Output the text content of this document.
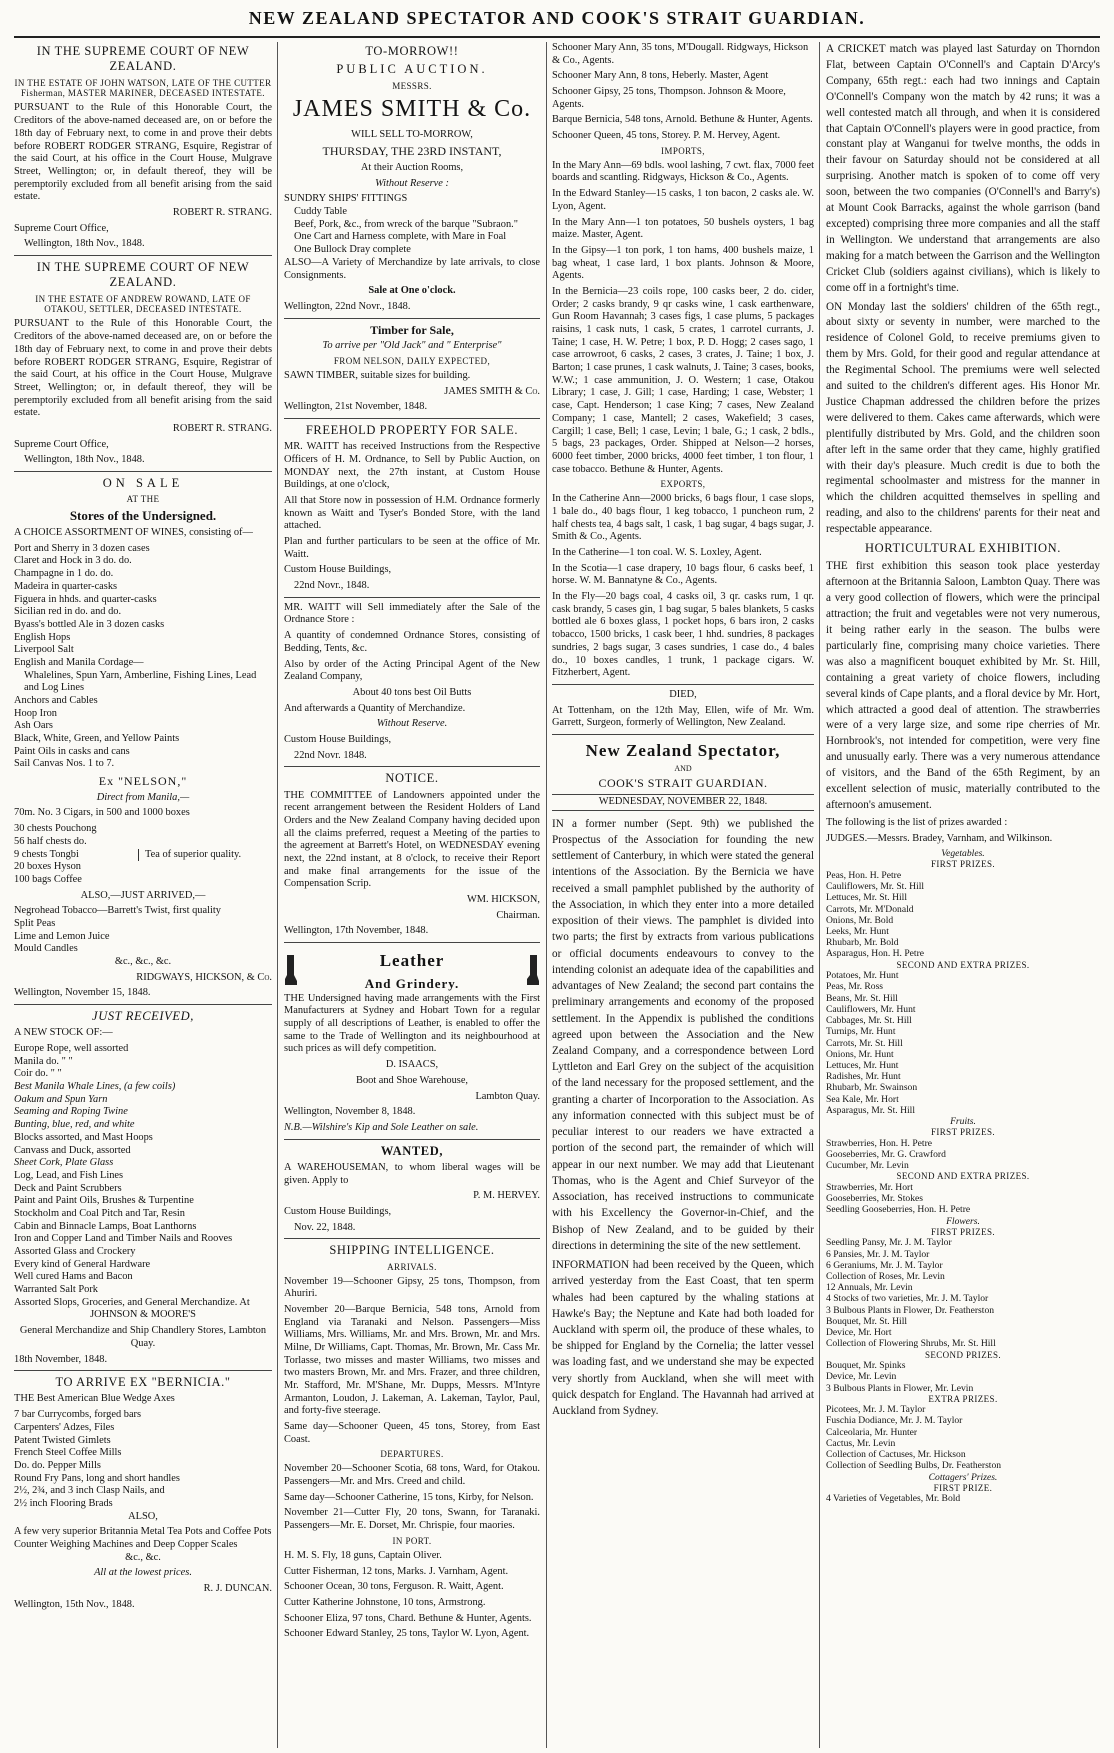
NEW ZEALAND SPECTATOR AND COOK'S STRAIT GUARDIAN.
IN THE SUPREME COURT OF NEW ZEALAND.

IN THE ESTATE OF JOHN WATSON, LATE OF THE CUTTER Fisherman, MASTER MARINER, DECEASED INTESTATE.

PURSUANT to the Rule of this Honorable Court, the Creditors of the above-named deceased are, on or before the 18th day of February next, to come in and prove their debts before ROBERT RODGER STRANG, Esquire, Registrar of the said Court, at his office in the Court House, Mulgrave Street, Wellington; or, in default thereof, they will be peremptorily excluded from all benefit arising from the said estate.

ROBERT R. STRANG.

Supreme Court Office,

Wellington, 18th Nov., 1848.

IN THE SUPREME COURT OF NEW ZEALAND.

IN THE ESTATE OF ANDREW ROWAND, LATE OF OTAKOU, SETTLER, DECEASED INTESTATE.

PURSUANT to the Rule of this Honorable Court, the Creditors of the above-named deceased are, on or before the 18th day of February next, to come in and prove their debts before ROBERT RODGER STRANG, Esquire, Registrar of the said Court, at his office in the Court House, Mulgrave Street, Wellington; or, in default thereof, they will be peremptorily excluded from all benefit arising from the said estate.

ROBERT R. STRANG.

Supreme Court Office,

Wellington, 18th Nov., 1848.

ON SALE

AT THE

Stores of the Undersigned.

A CHOICE ASSORTMENT OF WINES, consisting of—

Port and Sherry in 3 dozen cases
Claret and Hock in 3 do. do.
Champagne in 1 do. do.
Madeira in quarter-casks
Figuera in hhds. and quarter-casks
Sicilian red in do. and do.
Byass's bottled Ale in 3 dozen casks
English Hops
Liverpool Salt
English and Manila Cordage—
Whalelines, Spun Yarn, Amberline, Fishing Lines, Lead and Log Lines
Anchors and Cables
Hoop Iron
Ash Oars
Black, White, Green, and Yellow Paints
Paint Oils in casks and cans
Sail Canvas Nos. 1 to 7.

Ex "NELSON,"

Direct from Manila,—

70m. No. 3 Cigars, in 500 and 1000 boxes

30 chests Pouchong
56 half chests do.
9 chests Tongbi
20 boxes Hyson
100 bags Coffee
Tea of superior quality.

ALSO,—JUST ARRIVED,—

Negrohead Tobacco—Barrett's Twist, first quality
Split Peas
Lime and Lemon Juice
Mould Candles

&c., &c., &c.

RIDGWAYS, HICKSON, & Co.

Wellington, November 15, 1848.

JUST RECEIVED,

A NEW STOCK OF:—

Europe Rope, well assorted
Manila do. " "
Coir do. " "
Best Manila Whale Lines, (a few coils)
Oakum and Spun Yarn
Seaming and Roping Twine
Bunting, blue, red, and white
Blocks assorted, and Mast Hoops
Canvass and Duck, assorted
Sheet Cork, Plate Glass
Log, Lead, and Fish Lines
Deck and Paint Scrubbers
Paint and Paint Oils, Brushes & Turpentine
Stockholm and Coal Pitch and Tar, Resin
Cabin and Binnacle Lamps, Boat Lanthorns
Iron and Copper Land and Timber Nails and Rooves
Assorted Glass and Crockery
Every kind of General Hardware
Well cured Hams and Bacon
Warranted Salt Pork
Assorted Slops, Groceries, and General Merchandize. At

JOHNSON & MOORE'S

General Merchandize and Ship Chandlery Stores, Lambton Quay.

18th November, 1848.

TO ARRIVE EX "BERNICIA."

THE Best American Blue Wedge Axes

7 bar Currycombs, forged bars
Carpenters' Adzes, Files
Patent Twisted Gimlets
French Steel Coffee Mills
Do. do. Pepper Mills
Round Fry Pans, long and short handles
2½, 2¾, and 3 inch Clasp Nails, and
2½ inch Flooring Brads

ALSO,

A few very superior Britannia Metal Tea Pots and Coffee Pots
Counter Weighing Machines and Deep Copper Scales

&c., &c.

All at the lowest prices.

R. J. DUNCAN.

Wellington, 15th Nov., 1848.

TO-MORROW!!
PUBLIC AUCTION.

MESSRS.

JAMES SMITH & Co.

WILL SELL TO-MORROW,

THURSDAY, THE 23RD INSTANT,

At their Auction Rooms,

Without Reserve :

SUNDRY SHIPS' FITTINGS
Cuddy Table
Beef, Pork, &c., from wreck of the barque "Subraon."
One Cart and Harness complete, with Mare in Foal
One Bullock Dray complete

ALSO—A Variety of Merchandize by late arrivals, to close Consignments.

Sale at One o'clock.

Wellington, 22nd Novr., 1848.

Timber for Sale,

To arrive per "Old Jack" and " Enterprise"

FROM NELSON, DAILY EXPECTED,

SAWN TIMBER, suitable sizes for building.

JAMES SMITH & Co.

Wellington, 21st November, 1848.

FREEHOLD PROPERTY FOR SALE.

MR. WAITT has received Instructions from the Respective Officers of H. M. Ordnance, to Sell by Public Auction, on MONDAY next, the 27th instant, at Custom House Buildings, at one o'clock,

All that Store now in possession of H.M. Ordnance formerly known as Waitt and Tyser's Bonded Store, with the land attached.

Plan and further particulars to be seen at the office of Mr. Waitt.

Custom House Buildings,

22nd Novr., 1848.

MR. WAITT will Sell immediately after the Sale of the Ordnance Store :

A quantity of condemned Ordnance Stores, consisting of Bedding, Tents, &c.

Also by order of the Acting Principal Agent of the New Zealand Company,

About 40 tons best Oil Butts

And afterwards a Quantity of Merchandize.

Without Reserve.

Custom House Buildings,

22nd Novr. 1848.

NOTICE.

THE COMMITTEE of Landowners appointed under the recent arrangement between the Resident Holders of Land Orders and the New Zealand Company having decided upon all the claims preferred, request a Meeting of the parties to the agreement at Barrett's Hotel, on WEDNESDAY evening next, the 22nd instant, at 8 o'clock, to receive their Report and make final arrangements for the issue of the Compensation Scrip.

WM. HICKSON,

Chairman.

Wellington, 17th November, 1848.

Leather
And Grindery.

THE Undersigned having made arrangements with the First Manufacturers at Sydney and Hobart Town for a regular supply of all descriptions of Leather, is enabled to offer the same to the Trade of Wellington and its neighbourhood at such prices as will defy competition.

D. ISAACS,

Boot and Shoe Warehouse,

Lambton Quay.

Wellington, November 8, 1848.

N.B.—Wilshire's Kip and Sole Leather on sale.

WANTED,

A WAREHOUSEMAN, to whom liberal wages will be given. Apply to

P. M. HERVEY.

Custom House Buildings,

Nov. 22, 1848.

SHIPPING INTELLIGENCE.

ARRIVALS.

November 19—Schooner Gipsy, 25 tons, Thompson, from Ahuriri.

November 20—Barque Bernicia, 548 tons, Arnold from England via Taranaki and Nelson. Passengers—Miss Williams, Mrs. Williams, Mr. and Mrs. Brown, Mr. and Mrs. Milne, Dr Williams, Capt. Thomas, Mr. Brown, Mr. Cass Mr. Torlasse, two misses and master Williams, two misses and two masters Brown, Mr. and Mrs. Frazer, and three children, Mr. Stafford, Mr. M'Shane, Mr. Dupps, Messrs. M'Intyre Armanton, Loudon, J. Lakeman, A. Lakeman, Taylor, Paul, and forty-five steerage.

Same day—Schooner Queen, 45 tons, Storey, from East Coast.

DEPARTURES.

November 20—Schooner Scotia, 68 tons, Ward, for Otakou. Passengers—Mr. and Mrs. Creed and child.

Same day—Schooner Catherine, 15 tons, Kirby, for Nelson.

November 21—Cutter Fly, 20 tons, Swann, for Taranaki. Passengers—Mr. E. Dorset, Mr. Chrispie, four maories.

IN PORT.

H. M. S. Fly, 18 guns, Captain Oliver.

Cutter Fisherman, 12 tons, Marks. J. Varnham, Agent.

Schooner Ocean, 30 tons, Ferguson. R. Waitt, Agent.

Cutter Katherine Johnstone, 10 tons, Armstrong.

Schooner Eliza, 97 tons, Chard. Bethune & Hunter, Agents.

Schooner Edward Stanley, 25 tons, Taylor W. Lyon, Agent.

Schooner Mary Ann, 35 tons, M'Dougall. Ridgways, Hickson & Co., Agents.

Schooner Mary Ann, 8 tons, Heberly. Master, Agent

Schooner Gipsy, 25 tons, Thompson. Johnson & Moore, Agents.

Barque Bernicia, 548 tons, Arnold. Bethune & Hunter, Agents.

Schooner Queen, 45 tons, Storey. P. M. Hervey, Agent.

IMPORTS,

In the Mary Ann—69 bdls. wool lashing, 7 cwt. flax, 7000 feet boards and scantling. Ridgways, Hickson & Co., Agents.

In the Edward Stanley—15 casks, 1 ton bacon, 2 casks ale. W. Lyon, Agent.

In the Mary Ann—1 ton potatoes, 50 bushels oysters, 1 bag maize. Master, Agent.

In the Gipsy—1 ton pork, 1 ton hams, 400 bushels maize, 1 bag wheat, 1 case lard, 1 box plants. Johnson & Moore, Agents.

In the Bernicia—23 coils rope, 100 casks beer, 2 do. cider, Order; 2 casks brandy, 9 qr casks wine, 1 cask earthenware, Gun Room Havannah; 3 cases figs, 1 case plums, 5 packages raisins, 1 cask nuts, 1 cask, 5 crates, 1 carrotel currants, J. Taine; 1 case, H. W. Petre; 1 box, P. D. Hogg; 2 cases sago, 1 case arrowroot, 6 casks, 2 cases, 3 crates, J. Taine; 1 box, J. Barton; 1 case prunes, 1 cask walnuts, J. Taine; 3 cases, books, W.W.; 1 case ammunition, J. O. Western; 1 case, Otakou Library; 1 case, J. Gill; 1 case, Harding; 1 case, Webster; 1 case, Capt. Henderson; 1 case King; 7 cases, New Zealand Company; 1 case, Mantell; 2 cases, Wakefield; 3 cases, Cargill; 1 case, Bell; 1 case, Levin; 1 bale, G.; 1 cask, 2 bdls., 5 bags, 23 packages, Order. Shipped at Nelson—2 horses, 6000 feet timber, 2000 bricks, 4000 feet timber, 1 ton flour, 1 case tobacco. Bethune & Hunter, Agents.

EXPORTS,

In the Catherine Ann—2000 bricks, 6 bags flour, 1 case slops, 1 bale do., 40 bags flour, 1 keg tobacco, 1 puncheon rum, 2 half chests tea, 4 bags salt, 1 cask, 1 bag sugar, 4 bags sugar, J. Smith & Co., Agents.

In the Catherine—1 ton coal. W. S. Loxley, Agent.

In the Scotia—1 case drapery, 10 bags flour, 6 casks beef, 1 horse. W. M. Bannatyne & Co., Agents.

In the Fly—20 bags coal, 4 casks oil, 3 qr. casks rum, 1 qr. cask brandy, 5 cases gin, 1 bag sugar, 5 bales blankets, 5 casks bottled ale 6 boxes glass, 1 pocket hops, 6 bars iron, 2 casks tobacco, 1500 bricks, 1 cask beer, 1 hhd. sundries, 8 packages sundries, 2 bags sugar, 3 cases sundries, 1 case do., 4 bales do., 10 boxes candles, 1 trunk, 1 package cigars. W. Fitzherbert, Agent.

DIED,

At Tottenham, on the 12th May, Ellen, wife of Mr. Wm. Garrett, Surgeon, formerly of Wellington, New Zealand.

New Zealand Spectator,

AND

COOK'S STRAIT GUARDIAN.

WEDNESDAY, NOVEMBER 22, 1848.

IN a former number (Sept. 9th) we published the Prospectus of the Association for founding the new settlement of Canterbury, in which were stated the general intentions of the Association. By the Bernicia we have received a small pamphlet published by the authority of the Association, in which they enter into a more detailed exposition of their views. The pamphlet is divided into two parts; the first by extracts from various publications or official documents endeavours to convey to the intending colonist an adequate idea of the capabilities and advantages of New Zealand; the second part contains the preliminary arrangements and economy of the proposed settlement. In the Appendix is published the conditions agreed upon between the Association and the New Zealand Company, and a correspondence between Lord Lyttleton and Earl Grey on the subject of the acquisition of the land necessary for the proposed settlement, and the granting a charter of Incorporation to the Association. As any information connected with this subject must be of peculiar interest to our readers we have extracted a portion of the second part, the remainder of which will appear in our next number. We may add that Lieutenant Thomas, who is the Agent and Chief Surveyor of the Association, has received instructions to communicate with his Excellency the Governor-in-Chief, and the Bishop of New Zealand, and to be guided by their directions in determining the site of the new settlement.

INFORMATION had been received by the Queen, which arrived yesterday from the East Coast, that ten sperm whales had been captured by the whaling stations at Hawke's Bay; the Neptune and Kate had both loaded for Auckland with sperm oil, the produce of these whales, to be shipped for England by the Cornelia; the latter vessel was loading fast, and we understand she may be expected very shortly from Auckland, when she will meet with quick despatch for England. The Havannah had arrived at Auckland from Sydney.

A CRICKET match was played last Saturday on Thorndon Flat, between Captain O'Connell's and Captain D'Arcy's Company, 65th regt.: each had two innings and Captain O'Connell's Company won the match by 42 runs; it was a well contested match all through, and when it is considered that Captain O'Connell's players were in good practice, from constant play at Wanganui for twelve months, the odds in their favour on Saturday should not be considered at all surprising. Another match is spoken of to come off very soon, between the two companies (O'Connell's and Barry's) at Mount Cook Barracks, against the whole garrison (band excepted) comprising three more companies and all the staff in Wellington. We understand that arrangements are also making for a match between the Garrison and the Wellington Cricket Club (soldiers against civilians), which is likely to come off in a fortnight's time.

ON Monday last the soldiers' children of the 65th regt., about sixty or seventy in number, were marched to the residence of Colonel Gold, to receive premiums given to them by Mrs. Gold, for their good and regular attendance at the Regimental School. The premiums were well selected and suited to the children's different ages. His Honor Mr. Justice Chapman addressed the children before the prizes were delivered to them. Cakes came afterwards, which were plentifully distributed by Mrs. Gold, and the children soon after left in the same order that they came, highly gratified with their day's pleasure. Much credit is due to both the regimental schoolmaster and mistress for the manner in which the children acquitted themselves in spelling and reading, and also to the childrens' parents for their neat and respectable appearance.

HORTICULTURAL EXHIBITION.

THE first exhibition this season took place yesterday afternoon at the Britannia Saloon, Lambton Quay. There was a very good collection of flowers, which were the principal attraction; the fruit and vegetables were not very numerous, it being rather early in the season. The bulbs were particularly fine, comprising many choice varieties. There was also a magnificent bouquet exhibited by Mr. St. Hill, containing a great variety of choice flowers, including several kinds of Cape plants, and a floral device by Mr. Hort, which attracted a good deal of attention. The strawberries were of a very large size, and some ripe cherries of Mr. Hornbrook's, not intended for competition, were very fine and unusually early. There was a very numerous attendance of visitors, and the Band of the 65th Regiment, by an excellent selection of music, materially contributed to the afternoon's amusement.

The following is the list of prizes awarded :

JUDGES.—Messrs. Bradey, Varnham, and Wilkinson.

Vegetables.

FIRST PRIZES.

Peas, Hon. H. Petre
Cauliflowers, Mr. St. Hill
Lettuces, Mr. St. Hill
Carrots, Mr. M'Donald
Onions, Mr. Bold
Leeks, Mr. Hunt
Rhubarb, Mr. Bold
Asparagus, Hon. H. Petre

SECOND AND EXTRA PRIZES.

Potatoes, Mr. Hunt
Peas, Mr. Ross
Beans, Mr. St. Hill
Cauliflowers, Mr. Hunt
Cabbages, Mr. St. Hill
Turnips, Mr. Hunt
Carrots, Mr. St. Hill
Onions, Mr. Hunt
Lettuces, Mr. Hunt
Radishes, Mr. Hunt
Rhubarb, Mr. Swainson
Sea Kale, Mr. Hort
Asparagus, Mr. St. Hill

Fruits.

FIRST PRIZES.

Strawberries, Hon. H. Petre
Gooseberries, Mr. G. Crawford
Cucumber, Mr. Levin

SECOND AND EXTRA PRIZES.

Strawberries, Mr. Hort
Gooseberries, Mr. Stokes
Seedling Gooseberries, Hon. H. Petre

Flowers.

FIRST PRIZES.

Seedling Pansy, Mr. J. M. Taylor
6 Pansies, Mr. J. M. Taylor
6 Geraniums, Mr. J. M. Taylor
Collection of Roses, Mr. Levin
12 Annuals, Mr. Levin
4 Stocks of two varieties, Mr. J. M. Taylor
3 Bulbous Plants in Flower, Dr. Featherston
Bouquet, Mr. St. Hill
Device, Mr. Hort
Collection of Flowering Shrubs, Mr. St. Hill

SECOND PRIZES.

Bouquet, Mr. Spinks
Device, Mr. Levin
3 Bulbous Plants in Flower, Mr. Levin

EXTRA PRIZES.

Picotees, Mr. J. M. Taylor
Fuschia Dodiance, Mr. J. M. Taylor
Calceolaria, Mr. Hunter
Cactus, Mr. Levin
Collection of Cactuses, Mr. Hickson
Collection of Seedling Bulbs, Dr. Featherston

Cottagers' Prizes.

FIRST PRIZE.

4 Varieties of Vegetables, Mr. Bold
